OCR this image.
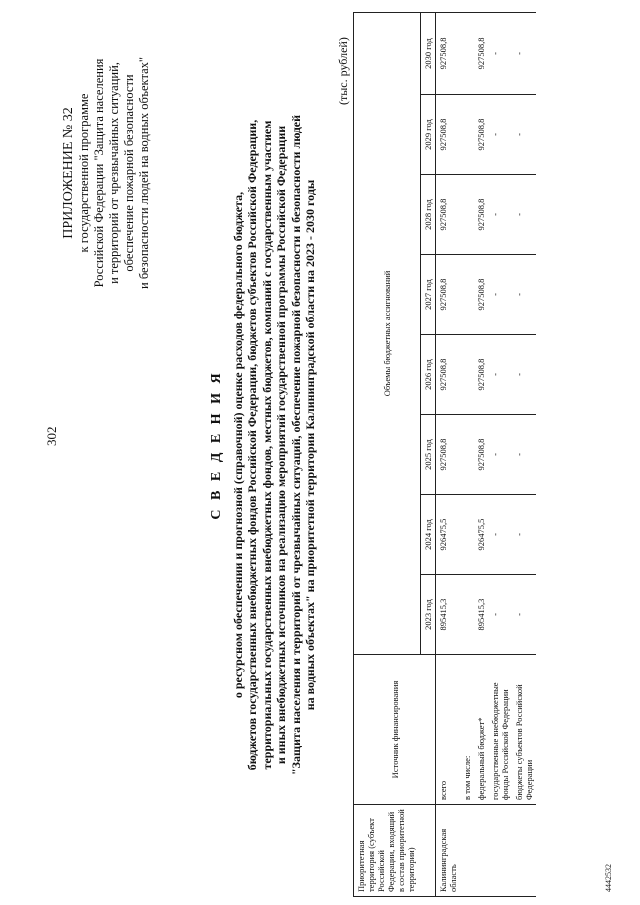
302
4442532
ПРИЛОЖЕНИЕ № 32 к государственной программе Российской Федерации "Защита населения и территорий от чрезвычайных ситуаций, обеспечение пожарной безопасности и безопасности людей на водных объектах"
С В Е Д Е Н И Я о ресурсном обеспечении и прогнозной (справочной) оценке расходов федерального бюджета, бюджетов государственных внебюджетных фондов Российской Федерации, бюджетов субъектов Российской Федерации, территориальных государственных внебюджетных фондов, местных бюджетов, компаний с государственным участием и иных внебюджетных источников на реализацию мероприятий государственной программы Российской Федерации "Защита населения и территорий от чрезвычайных ситуаций, обеспечение пожарной безопасности и безопасности людей на водных объектах" на приоритетной территории Калининградской области на 2023 - 2030 годы
(тыс. рублей)
Приоритетная территория (субъект Российской Федерации, входящий в состав приоритетной территории)	Источник финансирования	Объемы бюджетных ассигнований							
		2023 год	2024 год	2025 год	2026 год	2027 год	2028 год	2029 год	2030 год
Калининградская область	всего	895415,3	926475,5	927508,8	927508,8	927508,8	927508,8	927508,8	927508,8
	в том числе:								
	федеральный бюджет*	895415,3	926475,5	927508,8	927508,8	927508,8	927508,8	927508,8	927508,8
	государственные внебюджетные фонды Российской Федерации	-	-	-	-	-	-	-	-
	бюджеты субъектов Российской Федерации	-	-	-	-	-	-	-	-
